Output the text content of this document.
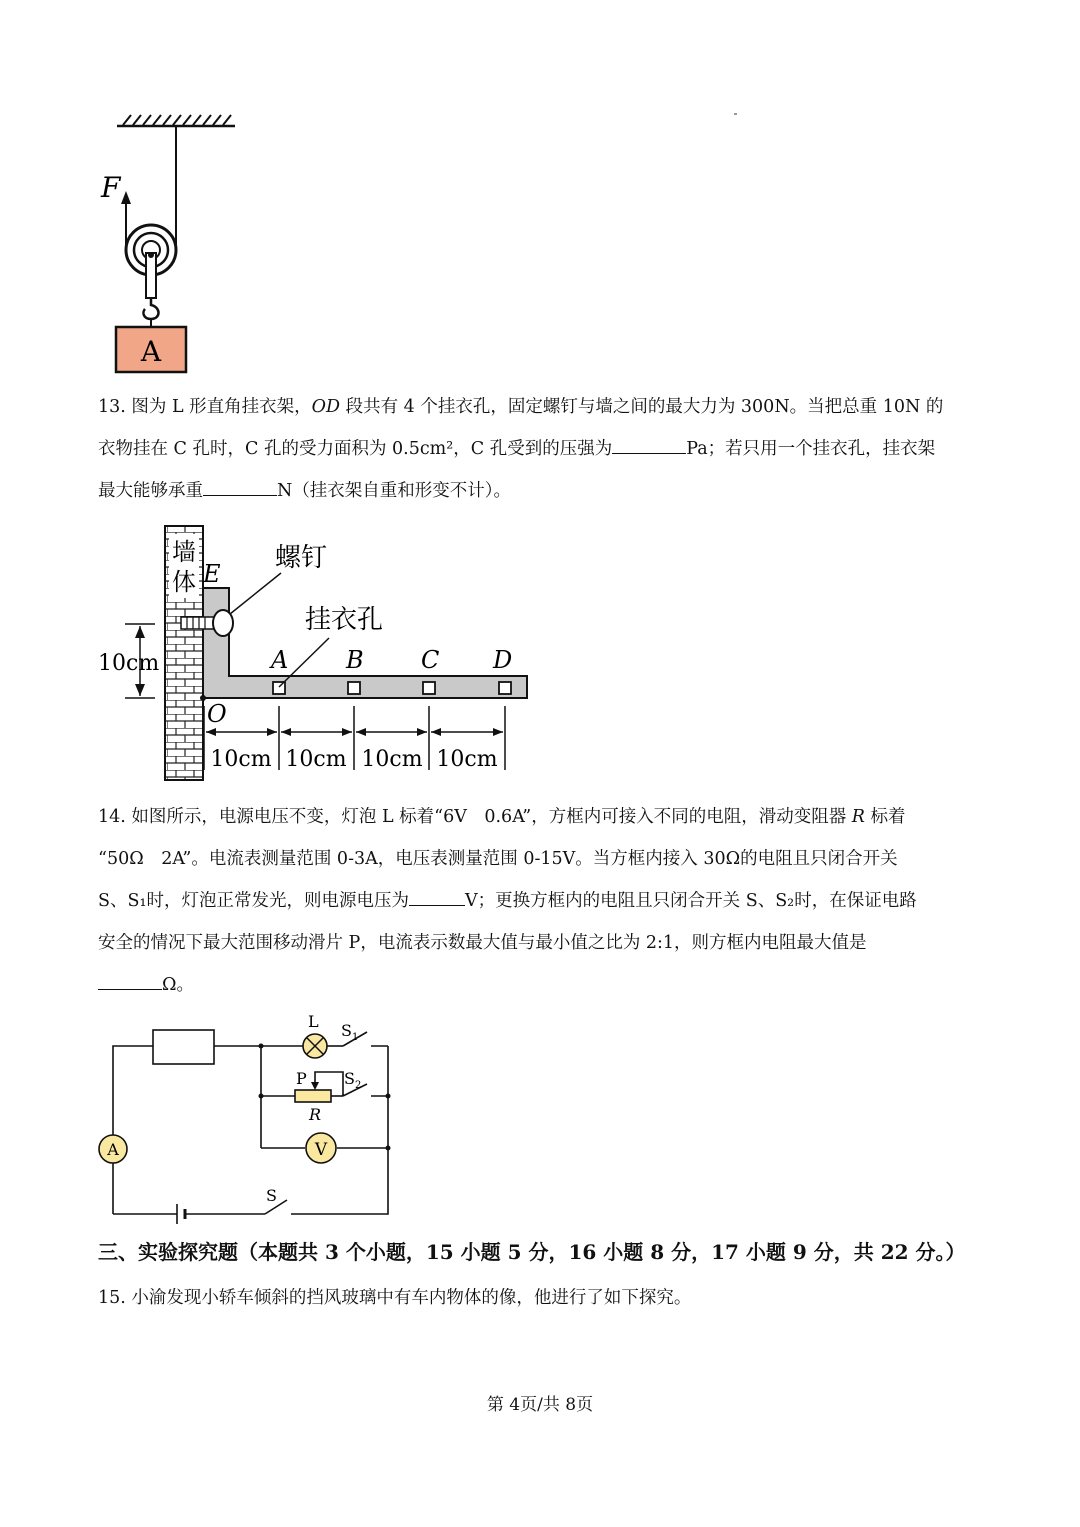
F
A
13. 图为 L 形直角挂衣架，OD 段共有 4 个挂衣孔，固定螺钉与墙之间的最大力为 300N。当把总重 10N 的
衣物挂在 C 孔时，C 孔的受力面积为 0.5cm²，C 孔受到的压强为	Pa；若只用一个挂衣孔，挂衣架
最大能够承重	N（挂衣架自重和形变不计）。
墙
体 E
螺钉
挂衣孔
A B C D
O
10cm
10cm 10cm 10cm 10cm
14. 如图所示，电源电压不变，灯泡 L 标着“6V　0.6A”，方框内可接入不同的电阻，滑动变阻器 R 标着
“50Ω　2A”。电流表测量范围 0-3A，电压表测量范围 0-15V。当方框内接入 30Ω的电阻且只闭合开关
S、S₁时，灯泡正常发光，则电源电压为	V；更换方框内的电阻且只闭合开关 S、S₂时，在保证电路
安全的情况下最大范围移动滑片 P，电流表示数最大值与最小值之比为 2:1，则方框内电阻最大值是
Ω。
A	V
L $S_1$
P $S_2$
R
S
三、实验探究题（本题共 3 个小题，15 小题 5 分，16 小题 8 分，17 小题 9 分，共 22 分。）
15. 小渝发现小轿车倾斜的挡风玻璃中有车内物体的像，他进行了如下探究。
第 4页/共 8页
